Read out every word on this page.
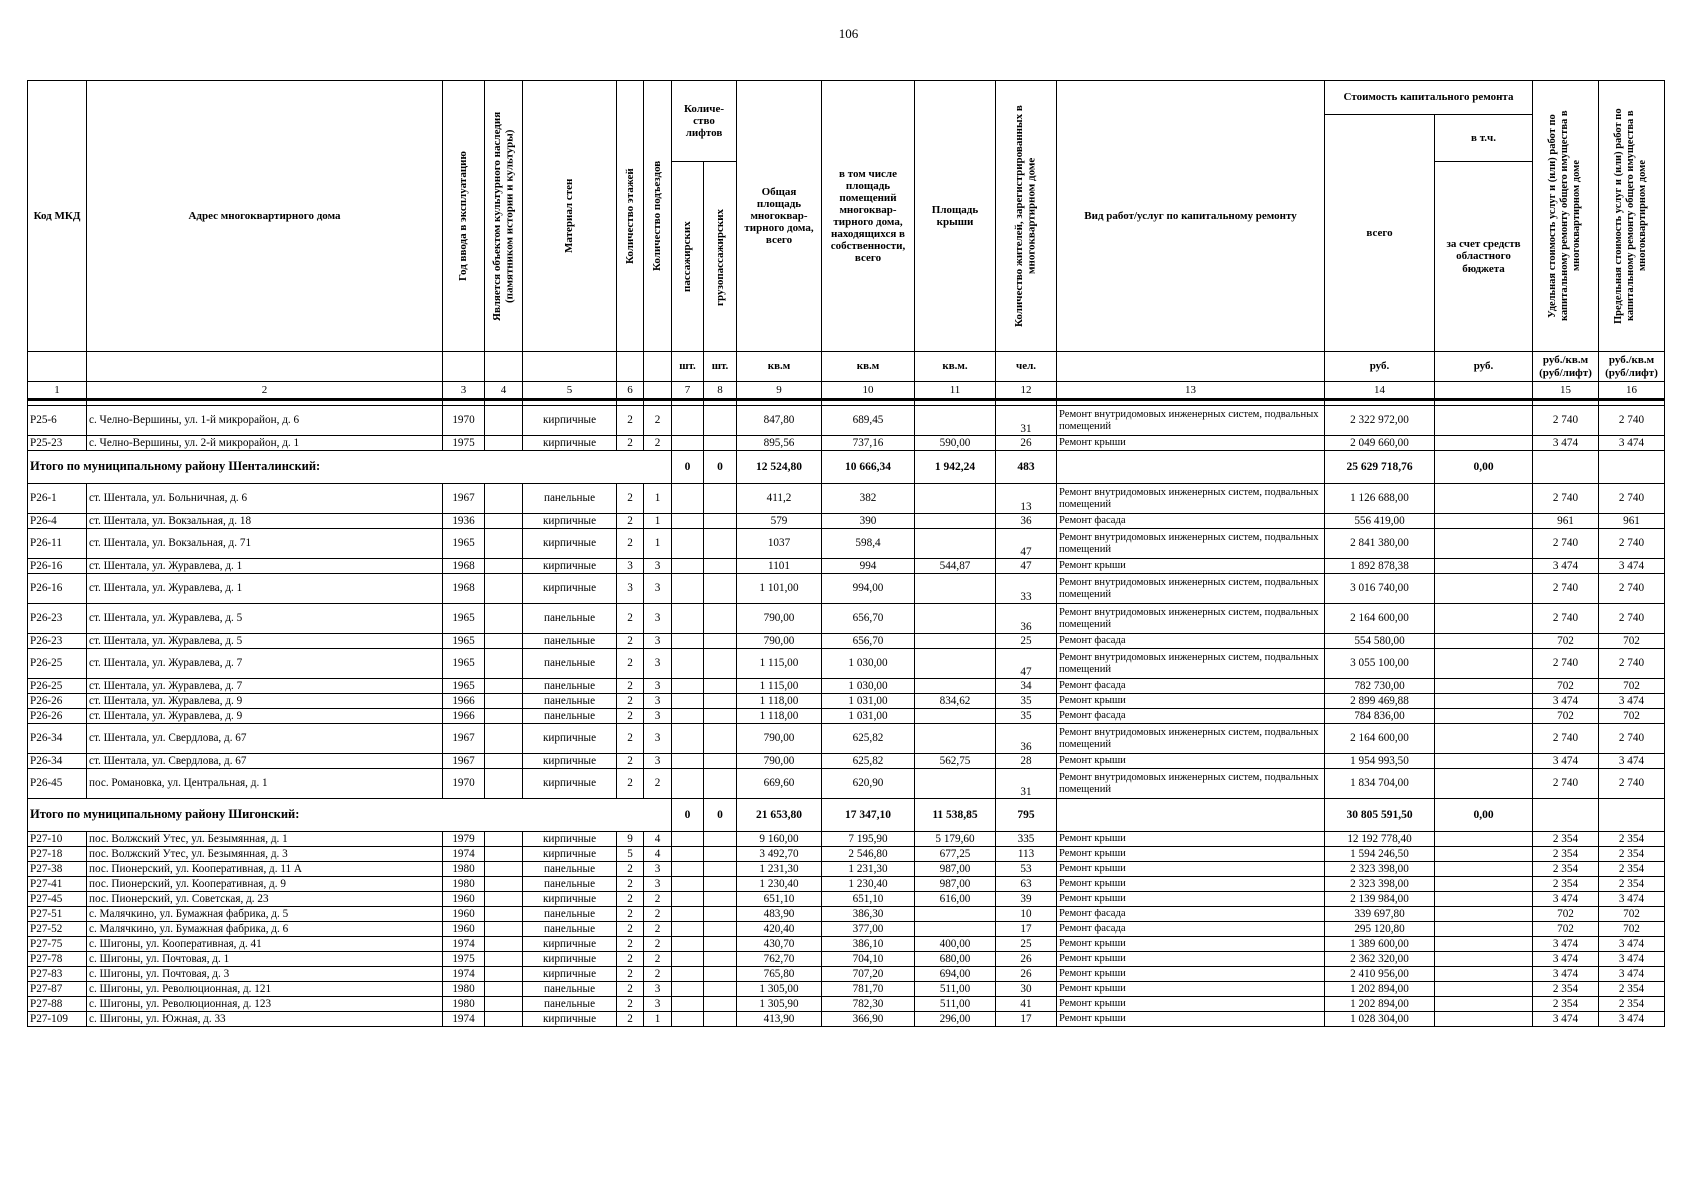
106
Код МКД	Адрес многоквартирного дома	Год ввода в эксплуатацию	Является объектом культурного наследия (памятником истории и культуры)	Материал стен	Количество этажей	Количество подъездов	Количе-
ство
лифтов		Общая площадь многоквар-тирного дома, всего	в том числе площадь помещений многоквар-тирного дома, находящихся в собственности, всего	Площадь крыши	Количество жителей, зарегистрированных в многоквартирном доме	Вид работ/услуг по капитальному ремонту	Стоимость капитального ремонта		Удельная стоимость услуг и (или) работ по капитальному ремонту общего имущества в многоквартирном доме	Предельная стоимость услуг и (или) работ по капитальному ремонту общего имущества в многоквартирном доме

														всего	в т.ч.		

							пассажирских	грузопассажирских							за счет средств областного бюджета		
							шт.	шт.	кв.м	кв.м	кв.м.	чел.		руб.	руб.	руб./кв.м (руб/лифт)	руб./кв.м (руб/лифт)
1	2	3	4	5	6		7	8	9	10	11	12	13	14		15	16

Р25-6	с. Челно-Вершины, ул. 1-й микрорайон, д. 6	1970		кирпичные	2	2			847,80	689,45		31	Ремонт внутридомовых инженерных систем, подвальных помещений	2 322 972,00		2 740	2 740
Р25-23	с. Челно-Вершины, ул. 2-й микрорайон, д. 1	1975		кирпичные	2	2			895,56	737,16	590,00	26	Ремонт крыши	2 049 660,00		3 474	3 474
Итого по муниципальному району Шенталинский:							0	0	12 524,80	10 666,34	1 942,24	483		25 629 718,76	0,00		
Р26-1	ст. Шентала, ул. Больничная, д. 6	1967		панельные	2	1			411,2	382		13	Ремонт внутридомовых инженерных систем, подвальных помещений	1 126 688,00		2 740	2 740
Р26-4	ст. Шентала, ул. Вокзальная, д. 18	1936		кирпичные	2	1			579	390		36	Ремонт фасада	556 419,00		961	961
Р26-11	ст. Шентала, ул. Вокзальная, д. 71	1965		кирпичные	2	1			1037	598,4		47	Ремонт внутридомовых инженерных систем, подвальных помещений	2 841 380,00		2 740	2 740
Р26-16	ст. Шентала, ул. Журавлева, д. 1	1968		кирпичные	3	3			1101	994	544,87	47	Ремонт крыши	1 892 878,38		3 474	3 474
Р26-16	ст. Шентала, ул. Журавлева, д. 1	1968		кирпичные	3	3			1 101,00	994,00		33	Ремонт внутридомовых инженерных систем, подвальных помещений	3 016 740,00		2 740	2 740
Р26-23	ст. Шентала, ул. Журавлева, д. 5	1965		панельные	2	3			790,00	656,70		36	Ремонт внутридомовых инженерных систем, подвальных помещений	2 164 600,00		2 740	2 740
Р26-23	ст. Шентала, ул. Журавлева, д. 5	1965		панельные	2	3			790,00	656,70		25	Ремонт фасада	554 580,00		702	702
Р26-25	ст. Шентала, ул. Журавлева, д. 7	1965		панельные	2	3			1 115,00	1 030,00		47	Ремонт внутридомовых инженерных систем, подвальных помещений	3 055 100,00		2 740	2 740
Р26-25	ст. Шентала, ул. Журавлева, д. 7	1965		панельные	2	3			1 115,00	1 030,00		34	Ремонт фасада	782 730,00		702	702
Р26-26	ст. Шентала, ул. Журавлева, д. 9	1966		панельные	2	3			1 118,00	1 031,00	834,62	35	Ремонт крыши	2 899 469,88		3 474	3 474
Р26-26	ст. Шентала, ул. Журавлева, д. 9	1966		панельные	2	3			1 118,00	1 031,00		35	Ремонт фасада	784 836,00		702	702
Р26-34	ст. Шентала, ул. Свердлова, д. 67	1967		кирпичные	2	3			790,00	625,82		36	Ремонт внутридомовых инженерных систем, подвальных помещений	2 164 600,00		2 740	2 740
Р26-34	ст. Шентала, ул. Свердлова, д. 67	1967		кирпичные	2	3			790,00	625,82	562,75	28	Ремонт крыши	1 954 993,50		3 474	3 474
Р26-45	пос. Романовка, ул. Центральная, д. 1	1970		кирпичные	2	2			669,60	620,90		31	Ремонт внутридомовых инженерных систем, подвальных помещений	1 834 704,00		2 740	2 740
Итого по муниципальному району Шигонский:							0	0	21 653,80	17 347,10	11 538,85	795		30 805 591,50	0,00		
Р27-10	пос. Волжский Утес, ул. Безымянная, д. 1	1979		кирпичные	9	4			9 160,00	7 195,90	5 179,60	335	Ремонт крыши	12 192 778,40		2 354	2 354
Р27-18	пос. Волжский Утес, ул. Безымянная, д. 3	1974		кирпичные	5	4			3 492,70	2 546,80	677,25	113	Ремонт крыши	1 594 246,50		2 354	2 354
Р27-38	пос. Пионерский, ул. Кооперативная, д. 11 А	1980		панельные	2	3			1 231,30	1 231,30	987,00	53	Ремонт крыши	2 323 398,00		2 354	2 354
Р27-41	пос. Пионерский, ул. Кооперативная, д. 9	1980		панельные	2	3			1 230,40	1 230,40	987,00	63	Ремонт крыши	2 323 398,00		2 354	2 354
Р27-45	пос. Пионерский, ул. Советская, д. 23	1960		кирпичные	2	2			651,10	651,10	616,00	39	Ремонт крыши	2 139 984,00		3 474	3 474
Р27-51	с. Малячкино, ул. Бумажная фабрика, д. 5	1960		панельные	2	2			483,90	386,30		10	Ремонт фасада	339 697,80		702	702
Р27-52	с. Малячкино, ул. Бумажная фабрика, д. 6	1960		панельные	2	2			420,40	377,00		17	Ремонт фасада	295 120,80		702	702
Р27-75	с. Шигоны, ул. Кооперативная, д. 41	1974		кирпичные	2	2			430,70	386,10	400,00	25	Ремонт крыши	1 389 600,00		3 474	3 474
Р27-78	с. Шигоны, ул. Почтовая, д. 1	1975		кирпичные	2	2			762,70	704,10	680,00	26	Ремонт крыши	2 362 320,00		3 474	3 474
Р27-83	с. Шигоны, ул. Почтовая, д. 3	1974		кирпичные	2	2			765,80	707,20	694,00	26	Ремонт крыши	2 410 956,00		3 474	3 474
Р27-87	с. Шигоны, ул. Революционная, д. 121	1980		панельные	2	3			1 305,00	781,70	511,00	30	Ремонт крыши	1 202 894,00		2 354	2 354
Р27-88	с. Шигоны, ул. Революционная, д. 123	1980		панельные	2	3			1 305,90	782,30	511,00	41	Ремонт крыши	1 202 894,00		2 354	2 354
Р27-109	с. Шигоны, ул. Южная, д. 33	1974		кирпичные	2	1			413,90	366,90	296,00	17	Ремонт крыши	1 028 304,00		3 474	3 474
